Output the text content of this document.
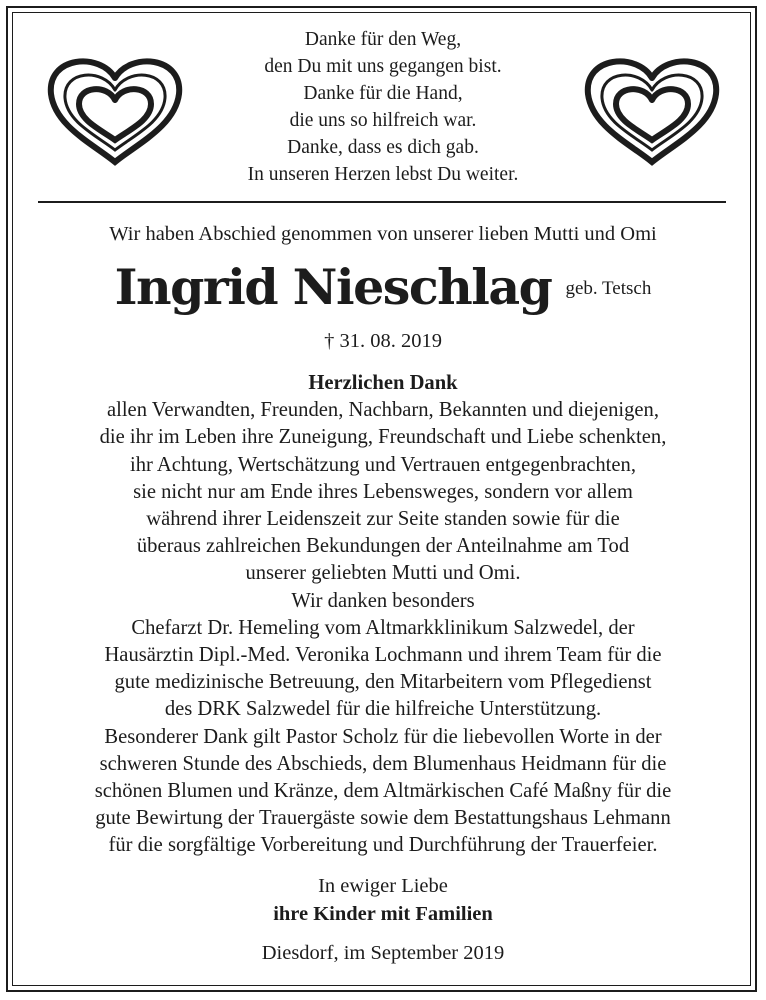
Danke für den Weg,
den Du mit uns gegangen bist.
Danke für die Hand,
die uns so hilfreich war.
Danke, dass es dich gab.
In unseren Herzen lebst Du weiter.
Wir haben Abschied genommen von unserer lieben Mutti und Omi
Ingrid Nieschlag geb. Tetsch
† 31. 08. 2019
Herzlichen Dank
allen Verwandten, Freunden, Nachbarn, Bekannten und diejenigen,
die ihr im Leben ihre Zuneigung, Freundschaft und Liebe schenkten,
ihr Achtung, Wertschätzung und Vertrauen entgegenbrachten,
sie nicht nur am Ende ihres Lebensweges, sondern vor allem
während ihrer Leidenszeit zur Seite standen sowie für die
überaus zahlreichen Bekundungen der Anteilnahme am Tod
unserer geliebten Mutti und Omi.
Wir danken besonders
Chefarzt Dr. Hemeling vom Altmarkklinikum Salzwedel, der
Hausärztin Dipl.-Med. Veronika Lochmann und ihrem Team für die
gute medizinische Betreuung, den Mitarbeitern vom Pflegedienst
des DRK Salzwedel für die hilfreiche Unterstützung.
Besonderer Dank gilt Pastor Scholz für die liebevollen Worte in der
schweren Stunde des Abschieds, dem Blumenhaus Heidmann für die
schönen Blumen und Kränze, dem Altmärkischen Café Maßny für die
gute Bewirtung der Trauergäste sowie dem Bestattungshaus Lehmann
für die sorgfältige Vorbereitung und Durchführung der Trauerfeier.
In ewiger Liebe
ihre Kinder mit Familien
Diesdorf, im September 2019
